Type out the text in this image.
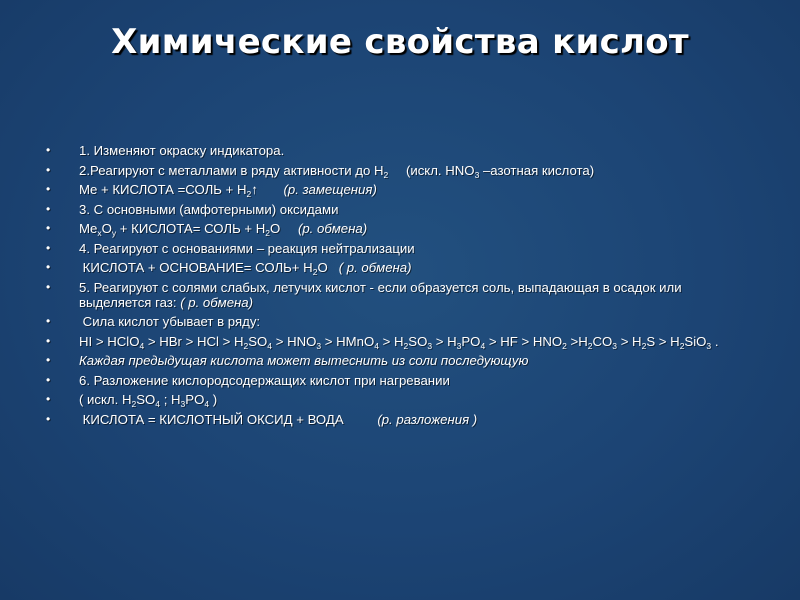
Химические свойства кислот
• 1. Изменяют окраску индикатора.
• 2.Реагируют с металлами в ряду активности до $H_2$ (искл. $HNO_3$ –азотная кислота)
• Me + КИСЛОТА =СОЛЬ + $H_2↑$ (р. замещения)
• 3. С основными (амфотерными) оксидами
• $Me_xO_y$ + КИСЛОТА= СОЛЬ + $H_2O$ (р. обмена)
• 4. Реагируют с основаниями – реакция нейтрализации
• КИСЛОТА + ОСНОВАНИЕ= СОЛЬ+ $H_2O$ ( р. обмена)
• 5. Реагируют с солями слабых, летучих кислот - если образуется соль, выпадающая в осадок или выделяется газ: ( р. обмена)
• Сила кислот убывает в ряду:
• HI > HClO$_4$ > HBr > HCl > $H_2SO_4 > HNO_3$ > HMnO$_4$ > $H_2SO_3 > H_3PO_4$ > HF > $HNO_2 >H_2CO_3 > H_2S > H_2SiO_3$ .
• Каждая предыдущая кислота может вытеснить из соли последующую
• 6. Разложение кислородсодержащих кислот при нагревании
• ( искл. $H_2SO_4$ ; $H_3PO_4$ )
• КИСЛОТА = КИСЛОТНЫЙ ОКСИД + ВОДА	(р. разложения )
